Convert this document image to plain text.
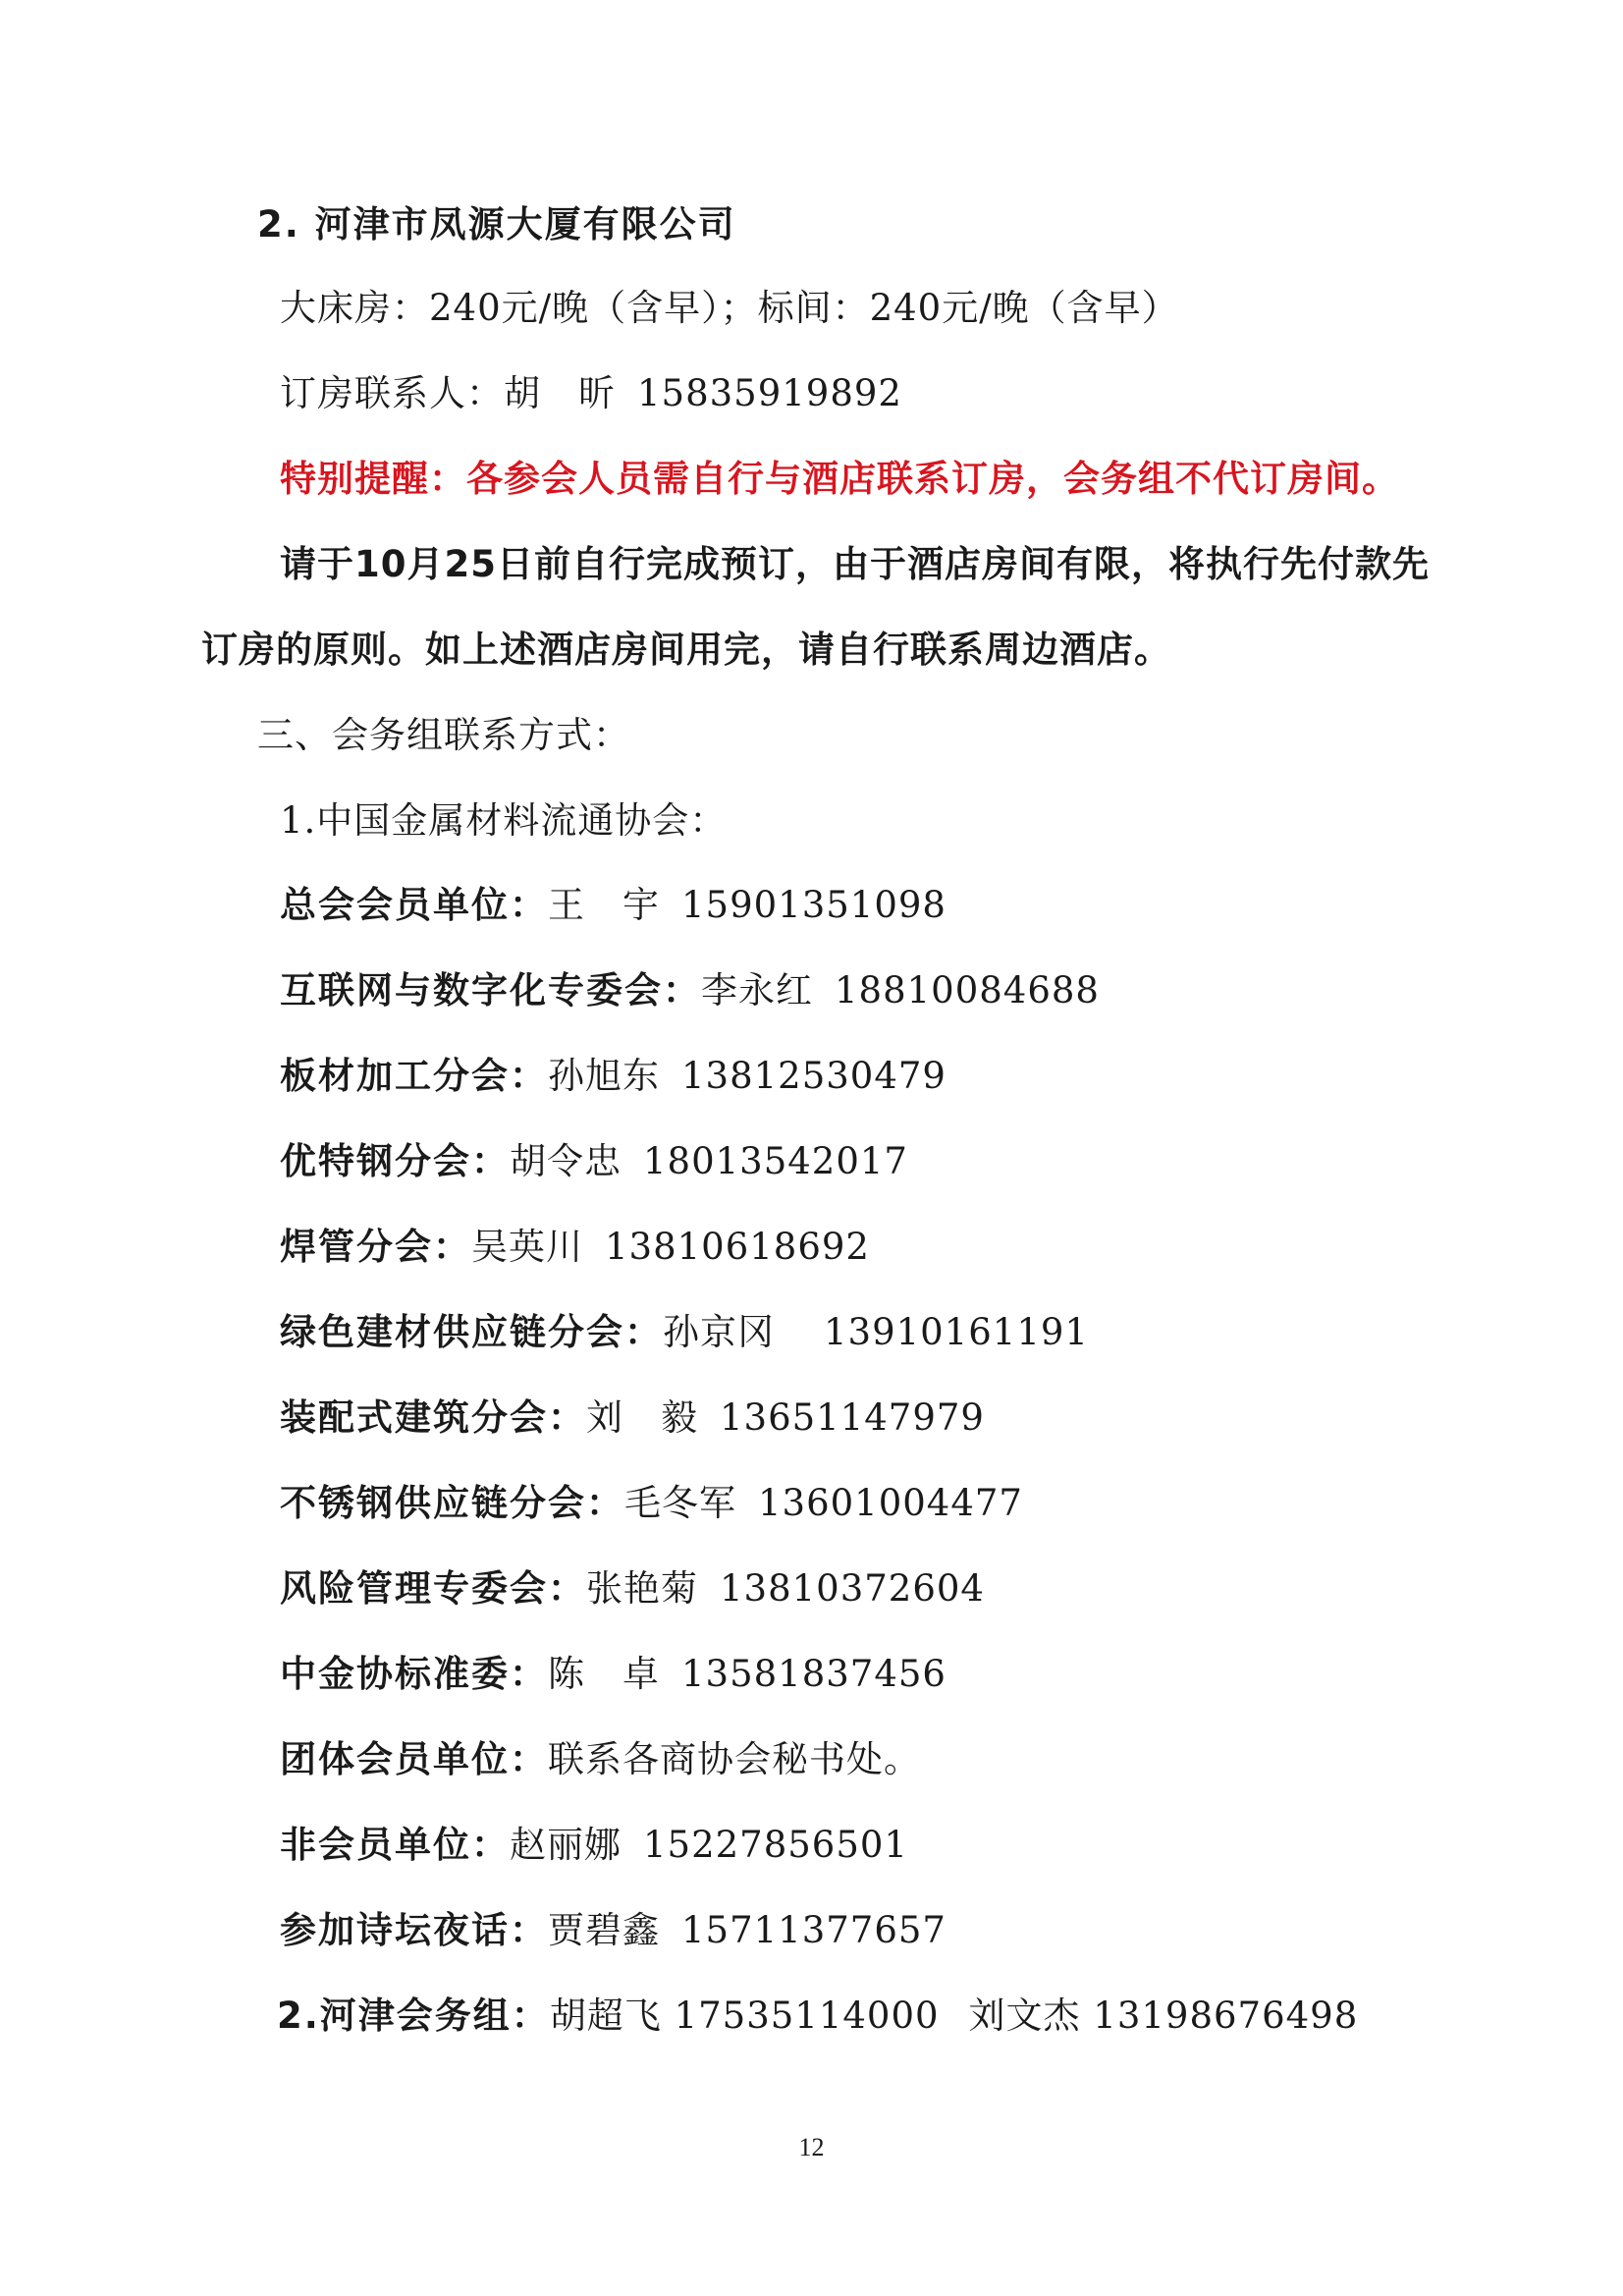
2. 河津市凤源大厦有限公司
大床房：240元/晚（含早）；标间：240元/晚（含早）
订房联系人：胡　昕 15835919892
特别提醒：各参会人员需自行与酒店联系订房，会务组不代订房间。
请于10月25日前自行完成预订，由于酒店房间有限，将执行先付款先
订房的原则。如上述酒店房间用完，请自行联系周边酒店。
三、会务组联系方式：
1.中国金属材料流通协会：
总会会员单位：王　宇 15901351098
互联网与数字化专委会：李永红 18810084688
板材加工分会：孙旭东 13812530479
优特钢分会：胡令忠 18013542017
焊管分会：吴英川 13810618692
绿色建材供应链分会：孙京冈 13910161191
装配式建筑分会：刘　毅 13651147979
不锈钢供应链分会：毛冬军 13601004477
风险管理专委会：张艳菊 13810372604
中金协标准委：陈　卓 13581837456
团体会员单位：联系各商协会秘书处。
非会员单位：赵丽娜 15227856501
参加诗坛夜话：贾碧鑫 15711377657
2.河津会务组：胡超飞 17535114000 刘文杰 13198676498
12
